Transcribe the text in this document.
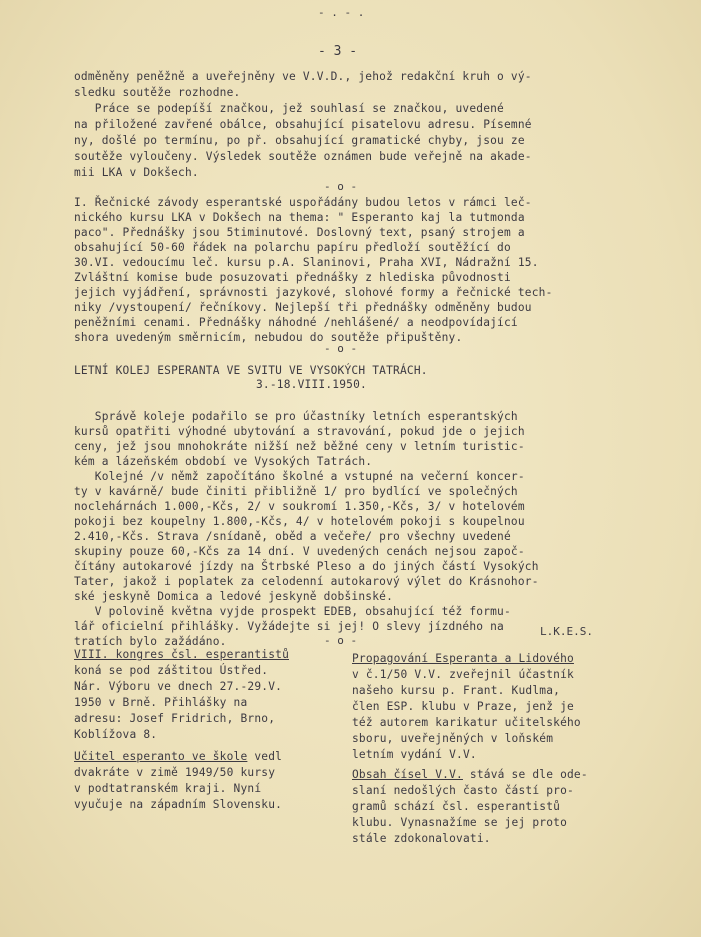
- . - .
- 3 -
odměněny peněžně a uveřejněny ve V.V.D., jehož redakční kruh o vý-
sledku soutěže rozhodne.
Práce se podepíší značkou, jež souhlasí se značkou, uvedené
na přiložené zavřené obálce, obsahující pisatelovu adresu. Písemné
ny, došlé po termínu, po př. obsahující gramatické chyby, jsou ze
soutěže vyloučeny. Výsledek soutěže oznámen bude veřejně na akade-
mii LKA v Dokšech.
- o -
I. Řečnické závody esperantské uspořádány budou letos v rámci leč-
nického kursu LKA v Dokšech na thema: " Esperanto kaj la tutmonda
paco". Přednášky jsou 5timinutové. Doslovný text, psaný strojem a
obsahující 50-60 řádek na polarchu papíru předloží soutěžící do
30.VI. vedoucímu leč. kursu p.A. Slaninovi, Praha XVI, Nádražní 15.
Zvláštní komise bude posuzovati přednášky z hlediska původnosti
jejich vyjádření, správnosti jazykové, slohové formy a řečnické tech-
niky /vystoupení/ řečníkovy. Nejlepší tři přednášky odměněny budou
peněžními cenami. Přednášky náhodné /nehlášené/ a neodpovídající
shora uvedeným směrnicím, nebudou do soutěže připuštěny.
- o -
LETNÍ KOLEJ ESPERANTA VE SVITU VE VYSOKÝCH TATRÁCH.
3.-18.VIII.1950.
Správě koleje podařilo se pro účastníky letních esperantských
kursů opatřiti výhodné ubytování a stravování, pokud jde o jejich
ceny, jež jsou mnohokráte nižší než běžné ceny v letním turistic-
kém a lázeňském období ve Vysokých Tatrách.
Kolejné /v němž započítáno školné a vstupné na večerní koncer-
ty v kavárně/ bude činiti přibližně 1/ pro bydlící ve společných
noclehárnách 1.000,-Kčs, 2/ v soukromí 1.350,-Kčs, 3/ v hotelovém
pokoji bez koupelny 1.800,-Kčs, 4/ v hotelovém pokoji s koupelnou
2.410,-Kčs. Strava /snídaně, oběd a večeře/ pro všechny uvedené
skupiny pouze 60,-Kčs za 14 dní. V uvedených cenách nejsou započ-
čítány autokarové jízdy na Štrbské Pleso a do jiných částí Vysokých
Tater, jakož i poplatek za celodenní autokarový výlet do Krásnohor-
ské jeskyně Domica a ledové jeskyně dobšinské.
V polovině května vyjde prospekt EDEB, obsahující též formu-
lář oficielní přihlášky. Vyžádejte si jej! O slevy jízdného na
tratích bylo zažádáno.
L.K.E.S.
- o -
VIII. kongres čsl. esperantistů
koná se pod záštitou Ústřed.
Nár. Výboru ve dnech 27.-29.V.
1950 v Brně. Přihlášky na
adresu: Josef Fridrich, Brno,
Koblížova 8.
Učitel esperanto ve škole vedl
dvakráte v zimě 1949/50 kursy
v podtatranském kraji. Nyní
vyučuje na západním Slovensku.
Propagování Esperanta a Lidového
v č.1/50 V.V. zveřejnil účastník
našeho kursu p. Frant. Kudlma,
člen ESP. klubu v Praze, jenž je
též autorem karikatur učitelského
sboru, uveřejněných v loňském
letním vydání V.V.
Obsah čísel V.V. stává se dle ode-
slaní nedošlých často částí pro-
gramů schází čsl. esperantistů
klubu. Vynasnažíme se jej proto
stále zdokonalovati.
